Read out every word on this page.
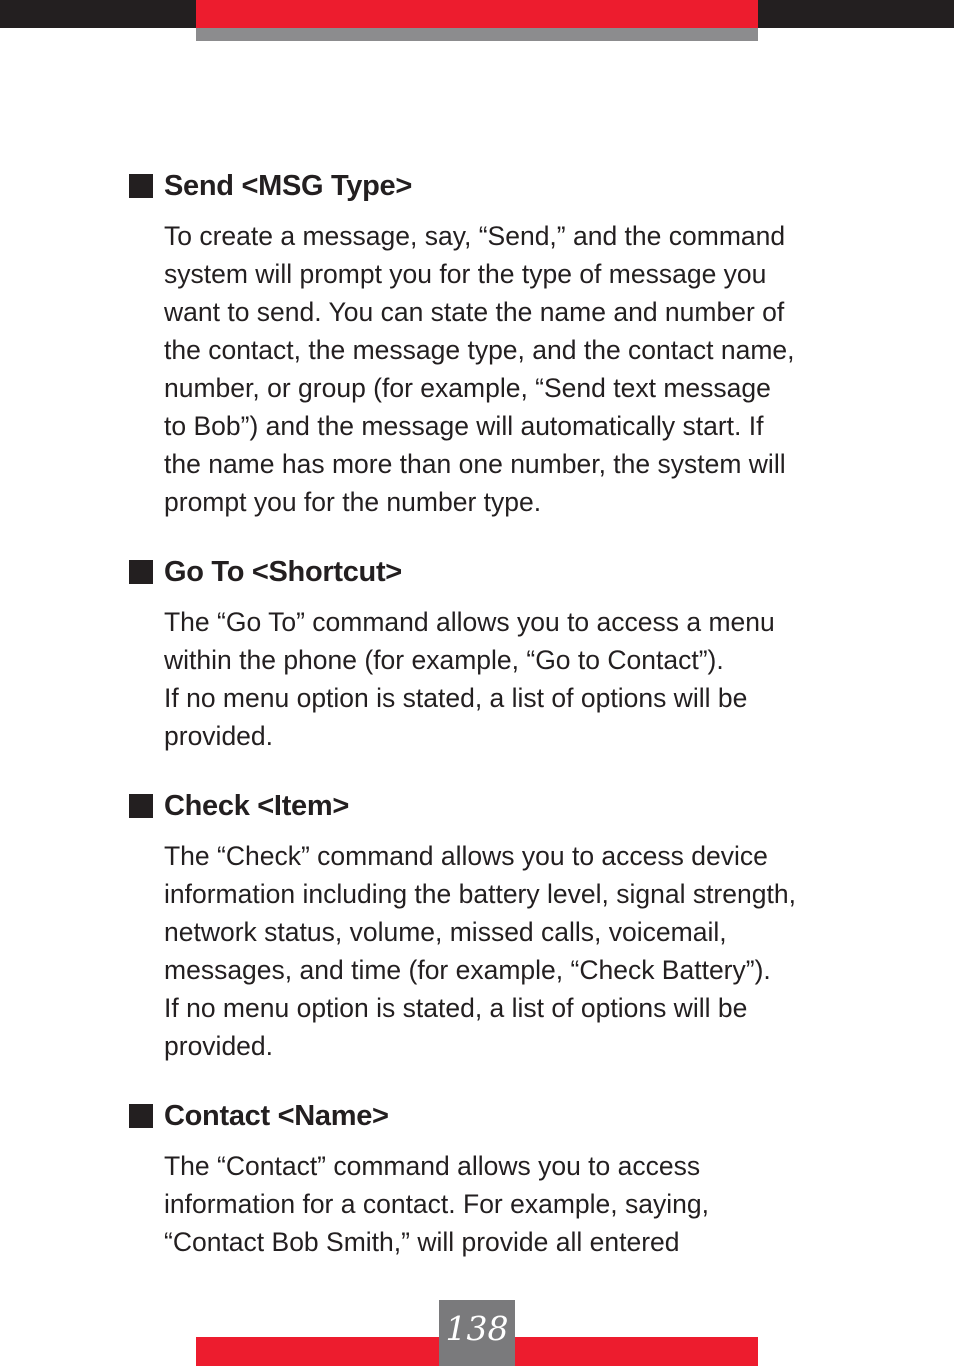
Send <MSG Type>

To create a message, say, “Send,” and the command
system will prompt you for the type of message you
want to send. You can state the name and number of
the contact, the message type, and the contact name,
number, or group (for example, “Send text message
to Bob”) and the message will automatically start. If
the name has more than one number, the system will
prompt you for the number type.

Go To <Shortcut>

The “Go To” command allows you to access a menu
within the phone (for example, “Go to Contact”).
If no menu option is stated, a list of options will be
provided.

Check <Item>

The “Check” command allows you to access device
information including the battery level, signal strength,
network status, volume, missed calls, voicemail,
messages, and time (for example, “Check Battery”).
If no menu option is stated, a list of options will be
provided.

Contact <Name>

The “Contact” command allows you to access
information for a contact. For example, saying,
“Contact Bob Smith,” will provide all entered

138
